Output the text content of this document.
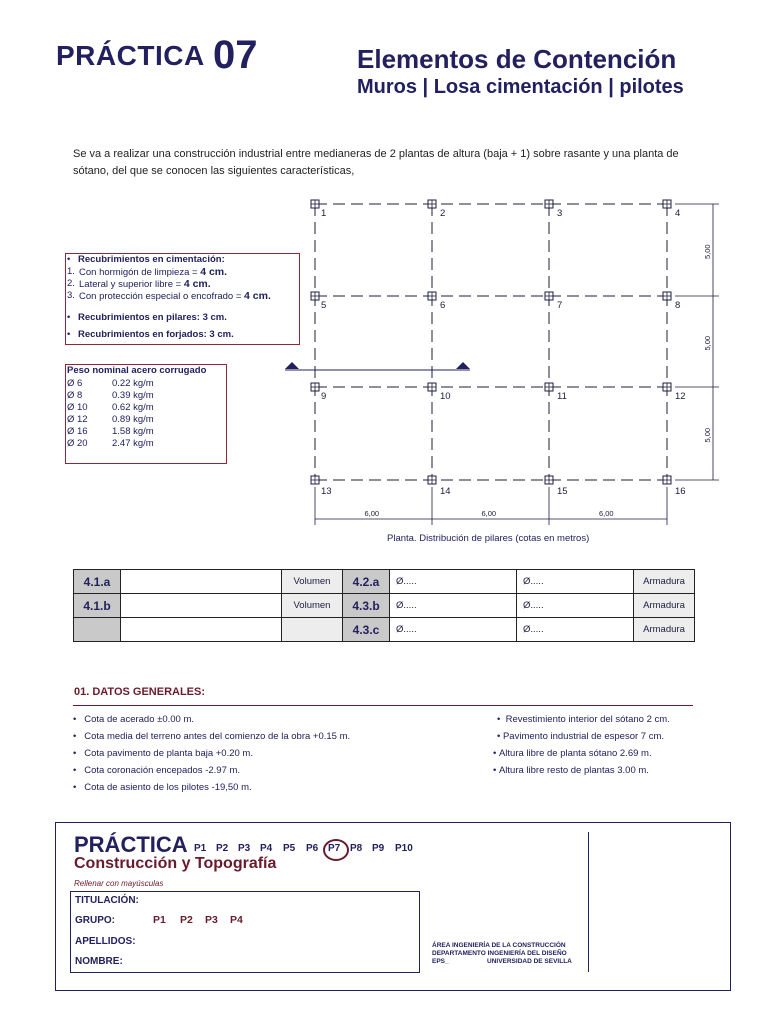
PRÁCTICA 07	Elementos de Contención
Muros | Losa cimentación | pilotes
Se va a realizar una construcción industrial entre medianeras de 2 plantas de altura (baja + 1) sobre rasante y una planta de sótano, del que se conocen las siguientes características,
• Recubrimientos en cimentación:
1. Con hormigón de limpieza = 4 cm.
2. Lateral y superior libre = 4 cm.
3. Con protección especial o encofrado = 4 cm.
• Recubrimientos en pilares: 3 cm.
• Recubrimientos en forjados: 3 cm.
Peso nominal acero corrugado
Ø 6	0.22 kg/m
Ø 8	0.39 kg/m
Ø 10	0.62 kg/m
Ø 12	0.89 kg/m
Ø 16	1.58 kg/m
Ø 20	2.47 kg/m
1	2	3	4
5	6	7	8
9	10	11	12
13	14	15	16
6,00	6,00	6,00
5,00
5,00
5,00
Planta. Distribución de pilares (cotas en metros)
4.1.a		Volumen	4.2.a	Ø.....	Ø.....	Armadura
4.1.b		Volumen	4.3.b	Ø.....	Ø.....	Armadura
			4.3.c	Ø.....	Ø.....	Armadura
01. DATOS GENERALES:
•   Cota de acerado ±0.00 m.
•   Cota media del terreno antes del comienzo de la obra +0.15 m.
•   Cota pavimento de planta baja +0.20 m.
•   Cota coronación encepados -2.97 m.
•   Cota de asiento de los pilotes -19,50 m.
•  Revestimiento interior del sótano 2 cm.
• Pavimento industrial de espesor 7 cm.
• Altura libre de planta sótano 2.69 m.
• Altura libre resto de plantas 3.00 m.
PRÁCTICA P1 P2 P3 P4 P5 P6 P7 P8 P9 P10
Construcción y Topografía
Rellenar con mayúsculas
TITULACIÓN:
GRUPO:	P1 P2 P3 P4
APELLIDOS:
NOMBRE:
ÁREA INGENIERÍA DE LA CONSTRUCCIÓN
DEPARTAMENTO INGENIERÍA DEL DISEÑO
EPS_	UNIVERSIDAD DE SEVILLA
